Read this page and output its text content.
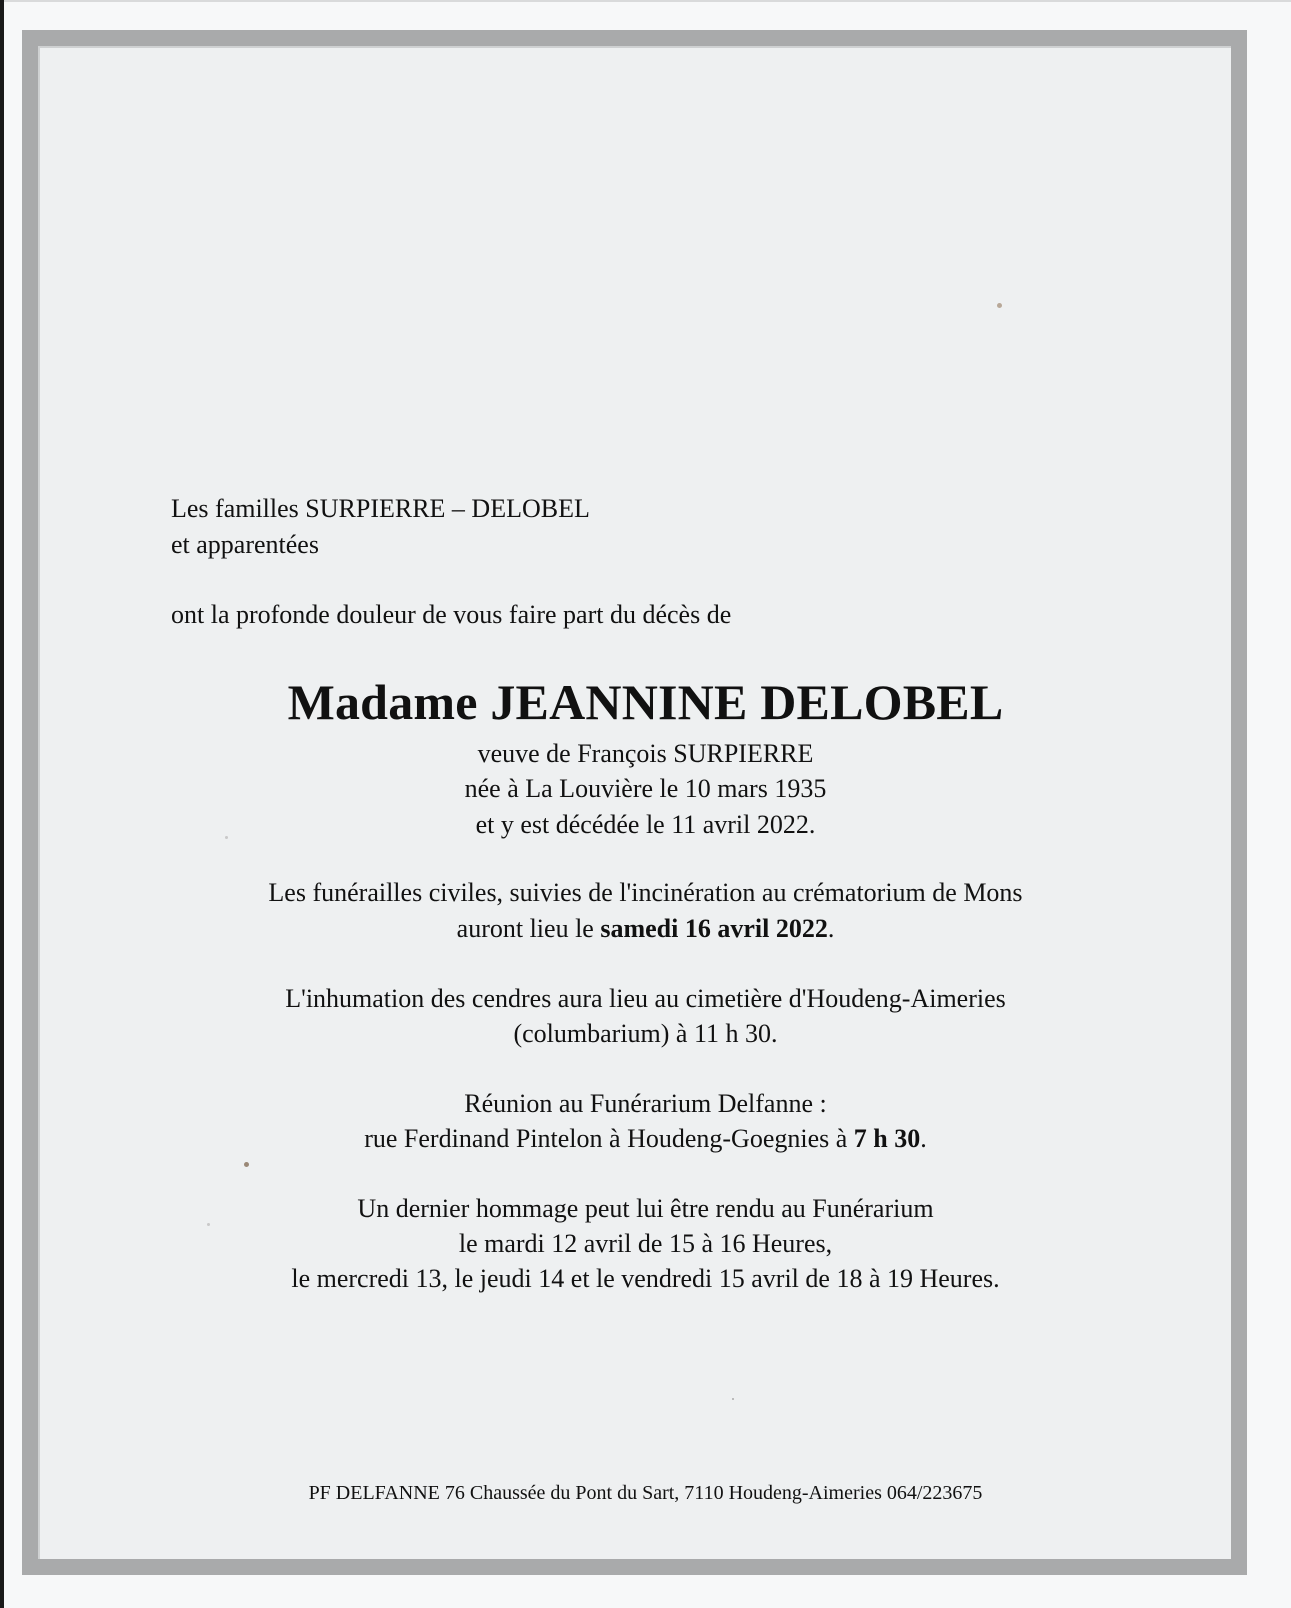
Les familles SURPIERRE – DELOBEL
et apparentées
ont la profonde douleur de vous faire part du décès de
Madame JEANNINE DELOBEL
veuve de François SURPIERRE
née à La Louvière le 10 mars 1935
et y est décédée le 11 avril 2022.
Les funérailles civiles, suivies de l'incinération au crématorium de Mons
auront lieu le samedi 16 avril 2022.
L'inhumation des cendres aura lieu au cimetière d'Houdeng-Aimeries
(columbarium) à 11 h 30.
Réunion au Funérarium Delfanne :
rue Ferdinand Pintelon à Houdeng-Goegnies à 7 h 30.
Un dernier hommage peut lui être rendu au Funérarium
le mardi 12 avril de 15 à 16 Heures,
le mercredi 13, le jeudi 14 et le vendredi 15 avril de 18 à 19 Heures.
PF DELFANNE 76 Chaussée du Pont du Sart, 7110 Houdeng-Aimeries 064/223675
